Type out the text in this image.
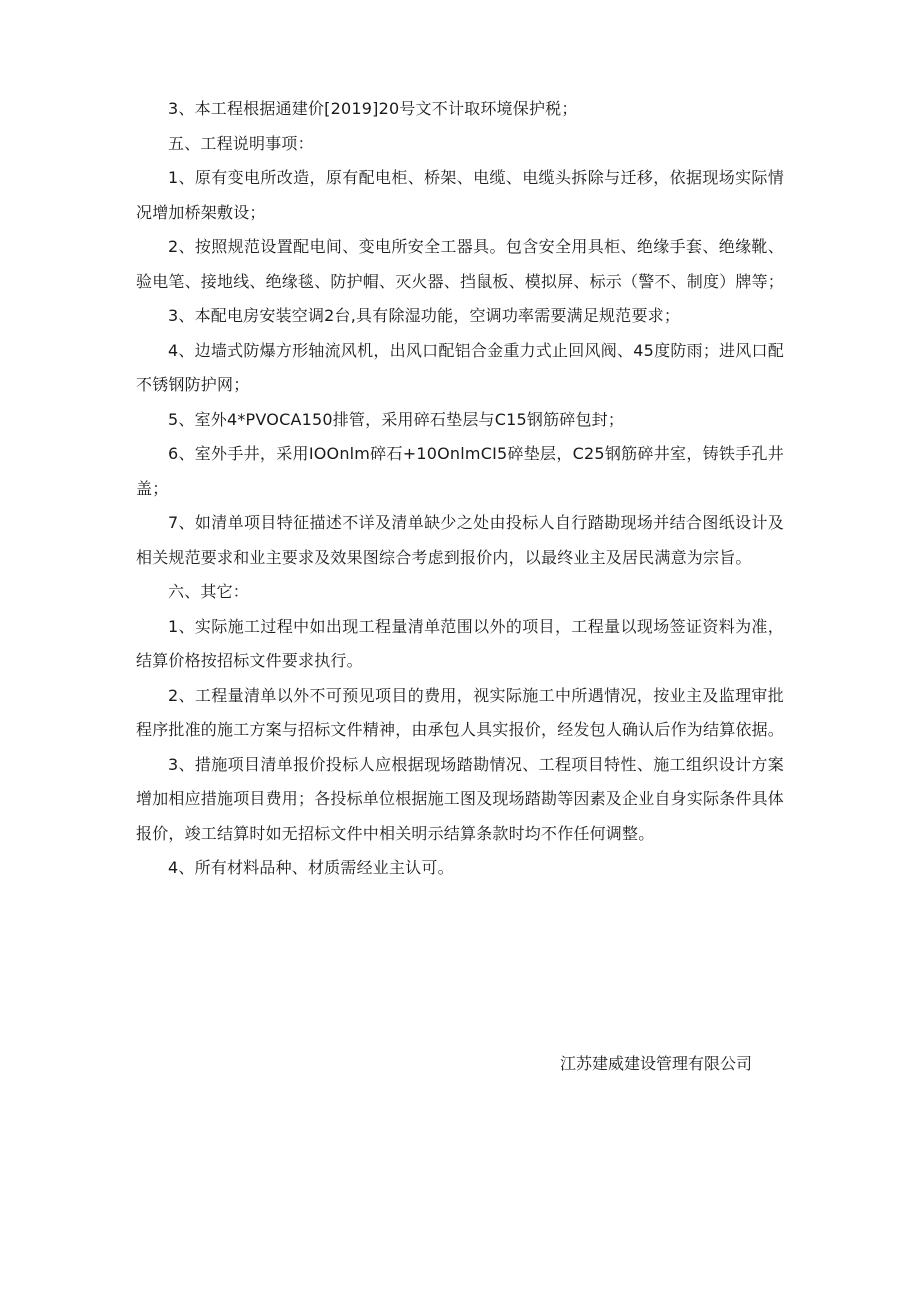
3、本工程根据通建价[2019]20号文不计取环境保护税；

五、工程说明事项：

1、原有变电所改造，原有配电柜、桥架、电缆、电缆头拆除与迁移，依据现场实际情况增加桥架敷设；

2、按照规范设置配电间、变电所安全工器具。包含安全用具柜、绝缘手套、绝缘靴、验电笔、接地线、绝缘毯、防护帽、灭火器、挡鼠板、模拟屏、标示（警不、制度）牌等；

3、本配电房安装空调2台,具有除湿功能，空调功率需要满足规范要求；

4、边墙式防爆方形轴流风机，出风口配铝合金重力式止回风阀、45度防雨；进风口配不锈钢防护网；

5、室外4*PVOCA150排管，采用碎石垫层与C15钢筋碎包封；

6、室外手井，采用IOOnlm碎石+10OnlmCI5碎垫层，C25钢筋碎井室，铸铁手孔井盖；

7、如清单项目特征描述不详及清单缺少之处由投标人自行踏勘现场并结合图纸设计及相关规范要求和业主要求及效果图综合考虑到报价内，以最终业主及居民满意为宗旨。

六、其它：

1、实际施工过程中如出现工程量清单范围以外的项目，工程量以现场签证资料为准，结算价格按招标文件要求执行。

2、工程量清单以外不可预见项目的费用，视实际施工中所遇情况，按业主及监理审批程序批准的施工方案与招标文件精神，由承包人具实报价，经发包人确认后作为结算依据。

3、措施项目清单报价投标人应根据现场踏勘情况、工程项目特性、施工组织设计方案增加相应措施项目费用；各投标单位根据施工图及现场踏勘等因素及企业自身实际条件具体报价，竣工结算时如无招标文件中相关明示结算条款时均不作任何调整。

4、所有材料品种、材质需经业主认可。

江苏建威建设管理有限公司
